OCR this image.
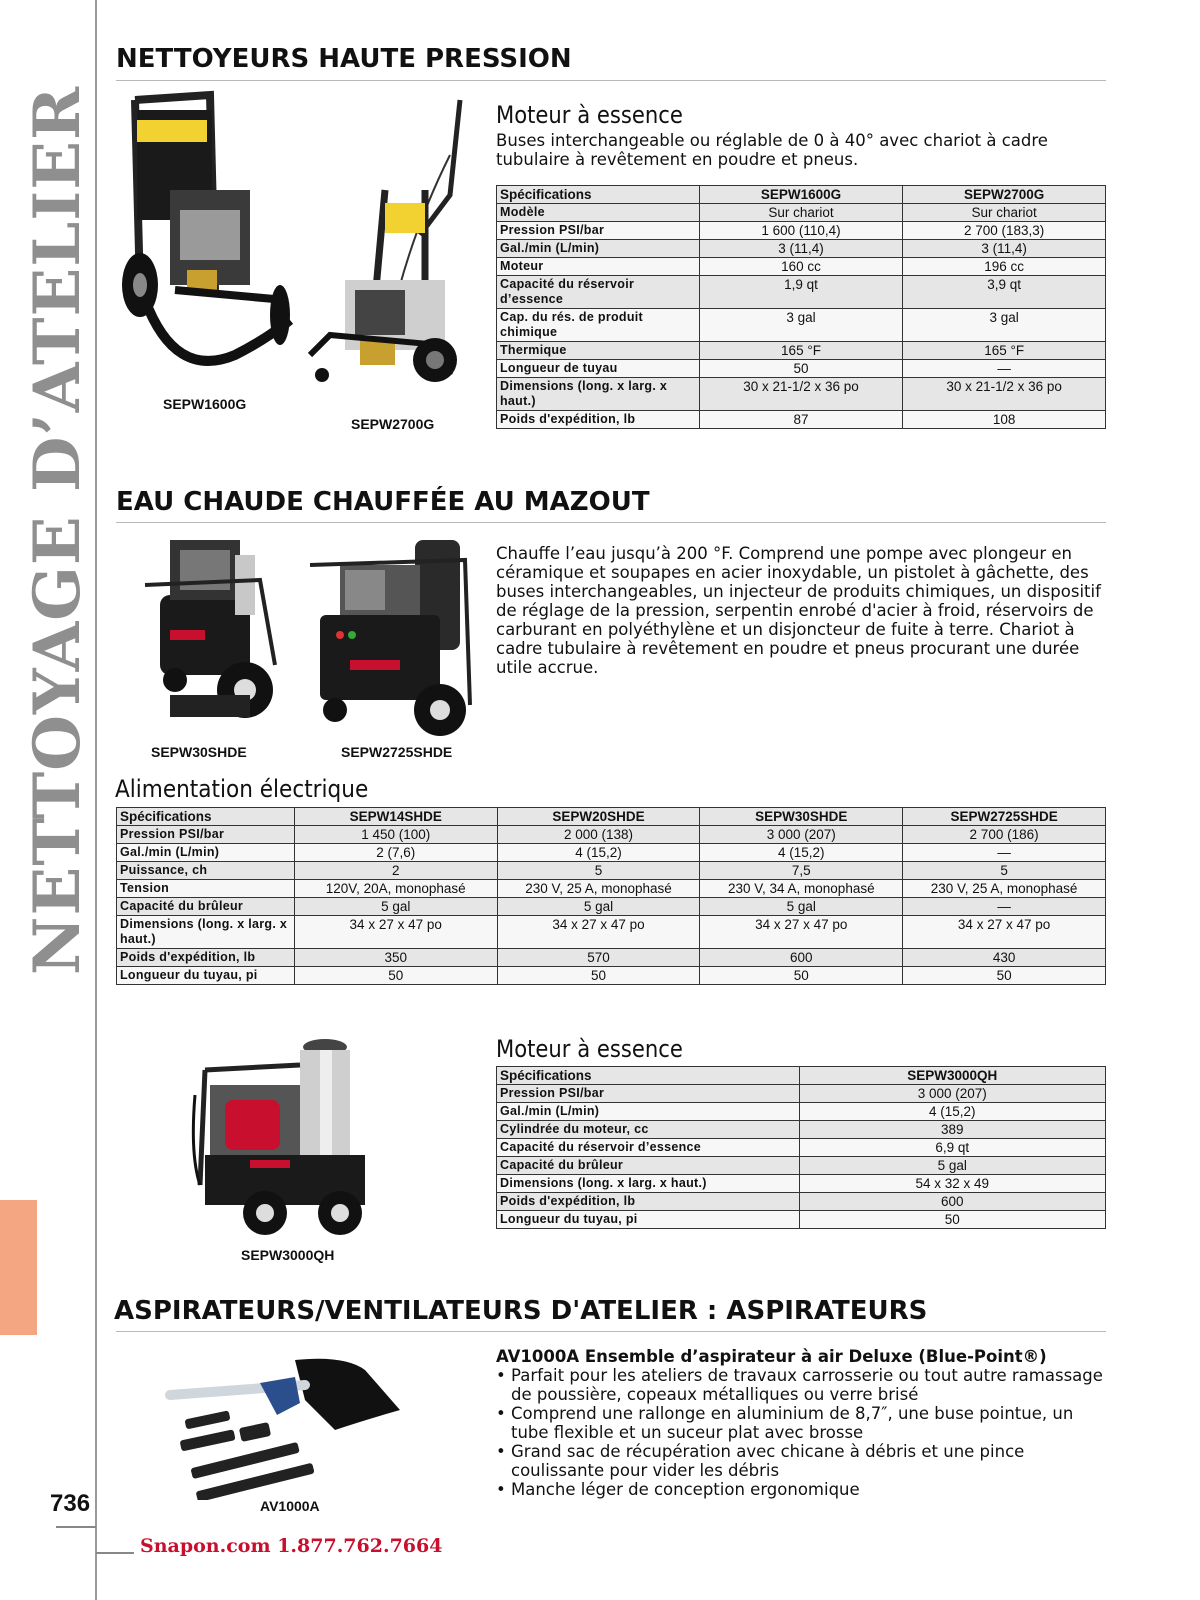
NETTOYAGE D’ATELIER
736
Snapon.com 1.877.762.7664
NETTOYEURS HAUTE PRESSION
SEPW1600G
SEPW2700G
Moteur à essence
Buses interchangeable ou réglable de 0 à 40° avec chariot à cadre tubulaire à revêtement en poudre et pneus.
Spécifications	SEPW1600G	SEPW2700G
Modèle	Sur chariot	Sur chariot
Pression PSI/bar	1 600 (110,4)	2 700 (183,3)
Gal./min (L/min)	3 (11,4)	3 (11,4)
Moteur	160 cc	196 cc
Capacité du réservoir d’essence	1,9 qt	3,9 qt
Cap. du rés. de produit chimique	3 gal	3 gal
Thermique	165 °F	165 °F
Longueur de tuyau	50	—
Dimensions (long. x larg. x haut.)	30 x 21-1/2 x 36 po	30 x 21-1/2 x 36 po
Poids d'expédition, lb	87	108
EAU CHAUDE CHAUFFÉE AU MAZOUT
SEPW30SHDE	SEPW2725SHDE
Chauffe l’eau jusqu’à 200 °F. Comprend une pompe avec plongeur en céramique et soupapes en acier inoxydable, un pistolet à gâchette, des buses interchangeables, un injecteur de produits chimiques, un dispositif de réglage de la pression, serpentin enrobé d'acier à froid, réservoirs de carburant en polyéthylène et un disjoncteur de fuite à terre. Chariot à cadre tubulaire à revêtement en poudre et pneus procurant une durée utile accrue.
Alimentation électrique
Spécifications	SEPW14SHDE	SEPW20SHDE	SEPW30SHDE	SEPW2725SHDE
Pression PSI/bar	1 450 (100)	2 000 (138)	3 000 (207)	2 700 (186)
Gal./min (L/min)	2 (7,6)	4 (15,2)	4 (15,2)	—
Puissance, ch	2	5	7,5	5
Tension	120V, 20A, monophasé	230 V, 25 A, monophasé	230 V, 34 A, monophasé	230 V, 25 A, monophasé
Capacité du brûleur	5 gal	5 gal	5 gal	—
Dimensions (long. x larg. x haut.)	34 x 27 x 47 po	34 x 27 x 47 po	34 x 27 x 47 po	34 x 27 x 47 po
Poids d'expédition, lb	350	570	600	430
Longueur du tuyau, pi	50	50	50	50
SEPW3000QH
Moteur à essence
Spécifications	SEPW3000QH
Pression PSI/bar	3 000 (207)
Gal./min (L/min)	4 (15,2)
Cylindrée du moteur, cc	389
Capacité du réservoir d’essence	6,9 qt
Capacité du brûleur	5 gal
Dimensions (long. x larg. x haut.)	54 x 32 x 49
Poids d'expédition, lb	600
Longueur du tuyau, pi	50
ASPIRATEURS/VENTILATEURS D'ATELIER : ASPIRATEURS
AV1000A
AV1000A Ensemble d’aspirateur à air Deluxe (Blue-Point®)
• Parfait pour les ateliers de travaux carrosserie ou tout autre ramassage de poussière, copeaux métalliques ou verre brisé
• Comprend une rallonge en aluminium de 8,7″, une buse pointue, un tube flexible et un suceur plat avec brosse
• Grand sac de récupération avec chicane à débris et une pince coulissante pour vider les débris
• Manche léger de conception ergonomique
